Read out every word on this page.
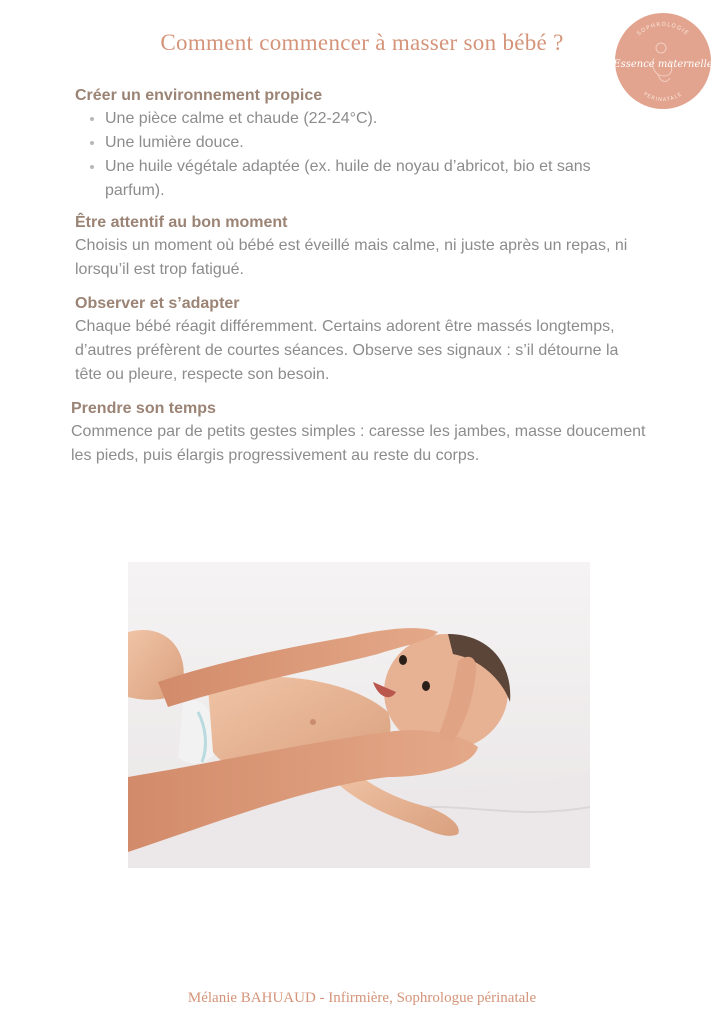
Comment commencer à masser son bébé ?	SOPHROLOGIE
PERINATALE
Essence maternelle
Créer un environnement propice
• Une pièce calme et chaude (22-24°C).
• Une lumière douce.
• Une huile végétale adaptée (ex. huile de noyau d’abricot, bio et sans parfum).
Être attentif au bon moment

Choisis un moment où bébé est éveillé mais calme, ni juste après un repas, ni lorsqu’il est trop fatigué.

Observer et s’adapter

Chaque bébé réagit différemment. Certains adorent être massés longtemps, d’autres préfèrent de courtes séances. Observe ses signaux : s’il détourne la tête ou pleure, respecte son besoin.

Prendre son temps

Commence par de petits gestes simples : caresse les jambes, masse doucement les pieds, puis élargis progressivement au reste du corps.

Mélanie BAHUAUD - Infirmière, Sophrologue périnatale
